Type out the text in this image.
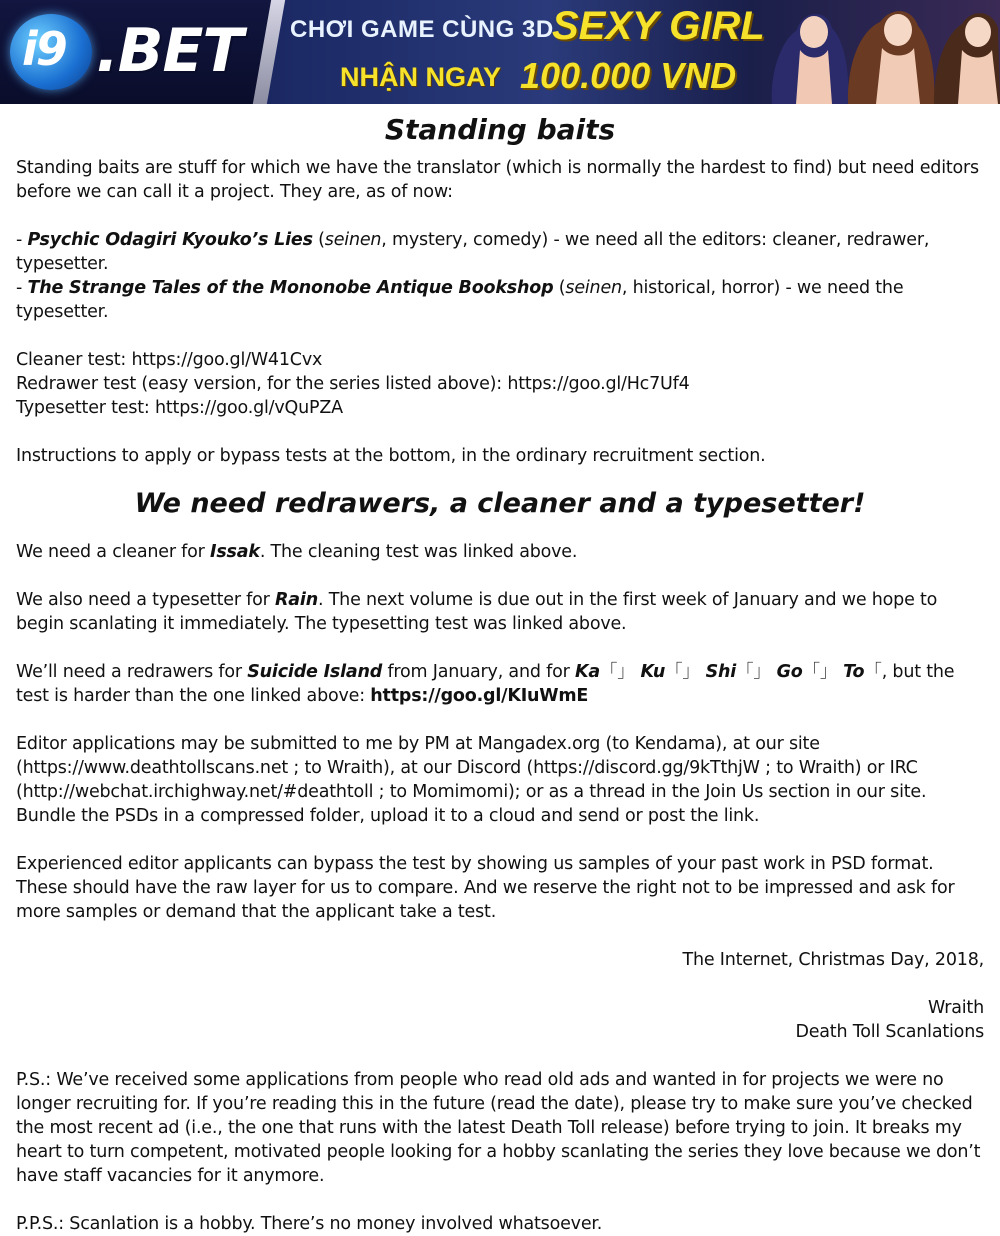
i9 .BET CHƠI GAME CÙNG 3D
SEXY GIRL
NHẬN NGAY 100.000 VND
Standing baits

Standing baits are stuff for which we have the translator (which is normally the hardest to find) but need editors before we can call it a project. They are, as of now:

- Psychic Odagiri Kyouko’s Lies (seinen, mystery, comedy) - we need all the editors: cleaner, redrawer, typesetter.

- The Strange Tales of the Mononobe Antique Bookshop (seinen, historical, horror) - we need the typesetter.

Cleaner test: https://goo.gl/W41Cvx

Redrawer test (easy version, for the series listed above): https://goo.gl/Hc7Uf4

Typesetter test: https://goo.gl/vQuPZA

Instructions to apply or bypass tests at the bottom, in the ordinary recruitment section.

We need redrawers, a cleaner and a typesetter!

We need a cleaner for Issak. The cleaning test was linked above.

We also need a typesetter for Rain. The next volume is due out in the first week of January and we hope to begin scanlating it immediately. The typesetting test was linked above.

We’ll need a redrawers for Suicide Island from January, and for Ka「」 Ku「」 Shi「」 Go「」 To「, but the test is harder than the one linked above: https://goo.gl/KIuWmE

Editor applications may be submitted to me by PM at Mangadex.org (to Kendama), at our site (https://www.deathtollscans.net ; to Wraith), at our Discord (https://discord.gg/9kTthjW ; to Wraith) or IRC (http://webchat.irchighway.net/#deathtoll ; to Momimomi); or as a thread in the Join Us section in our site. Bundle the PSDs in a compressed folder, upload it to a cloud and send or post the link.

Experienced editor applicants can bypass the test by showing us samples of your past work in PSD format. These should have the raw layer for us to compare. And we reserve the right not to be impressed and ask for more samples or demand that the applicant take a test.

The Internet, Christmas Day, 2018,

Wraith

Death Toll Scanlations

P.S.: We’ve received some applications from people who read old ads and wanted in for projects we were no longer recruiting for. If you’re reading this in the future (read the date), please try to make sure you’ve checked the most recent ad (i.e., the one that runs with the latest Death Toll release) before trying to join. It breaks my heart to turn competent, motivated people looking for a hobby scanlating the series they love because we don’t have staff vacancies for it anymore.

P.P.S.: Scanlation is a hobby. There’s no money involved whatsoever.
